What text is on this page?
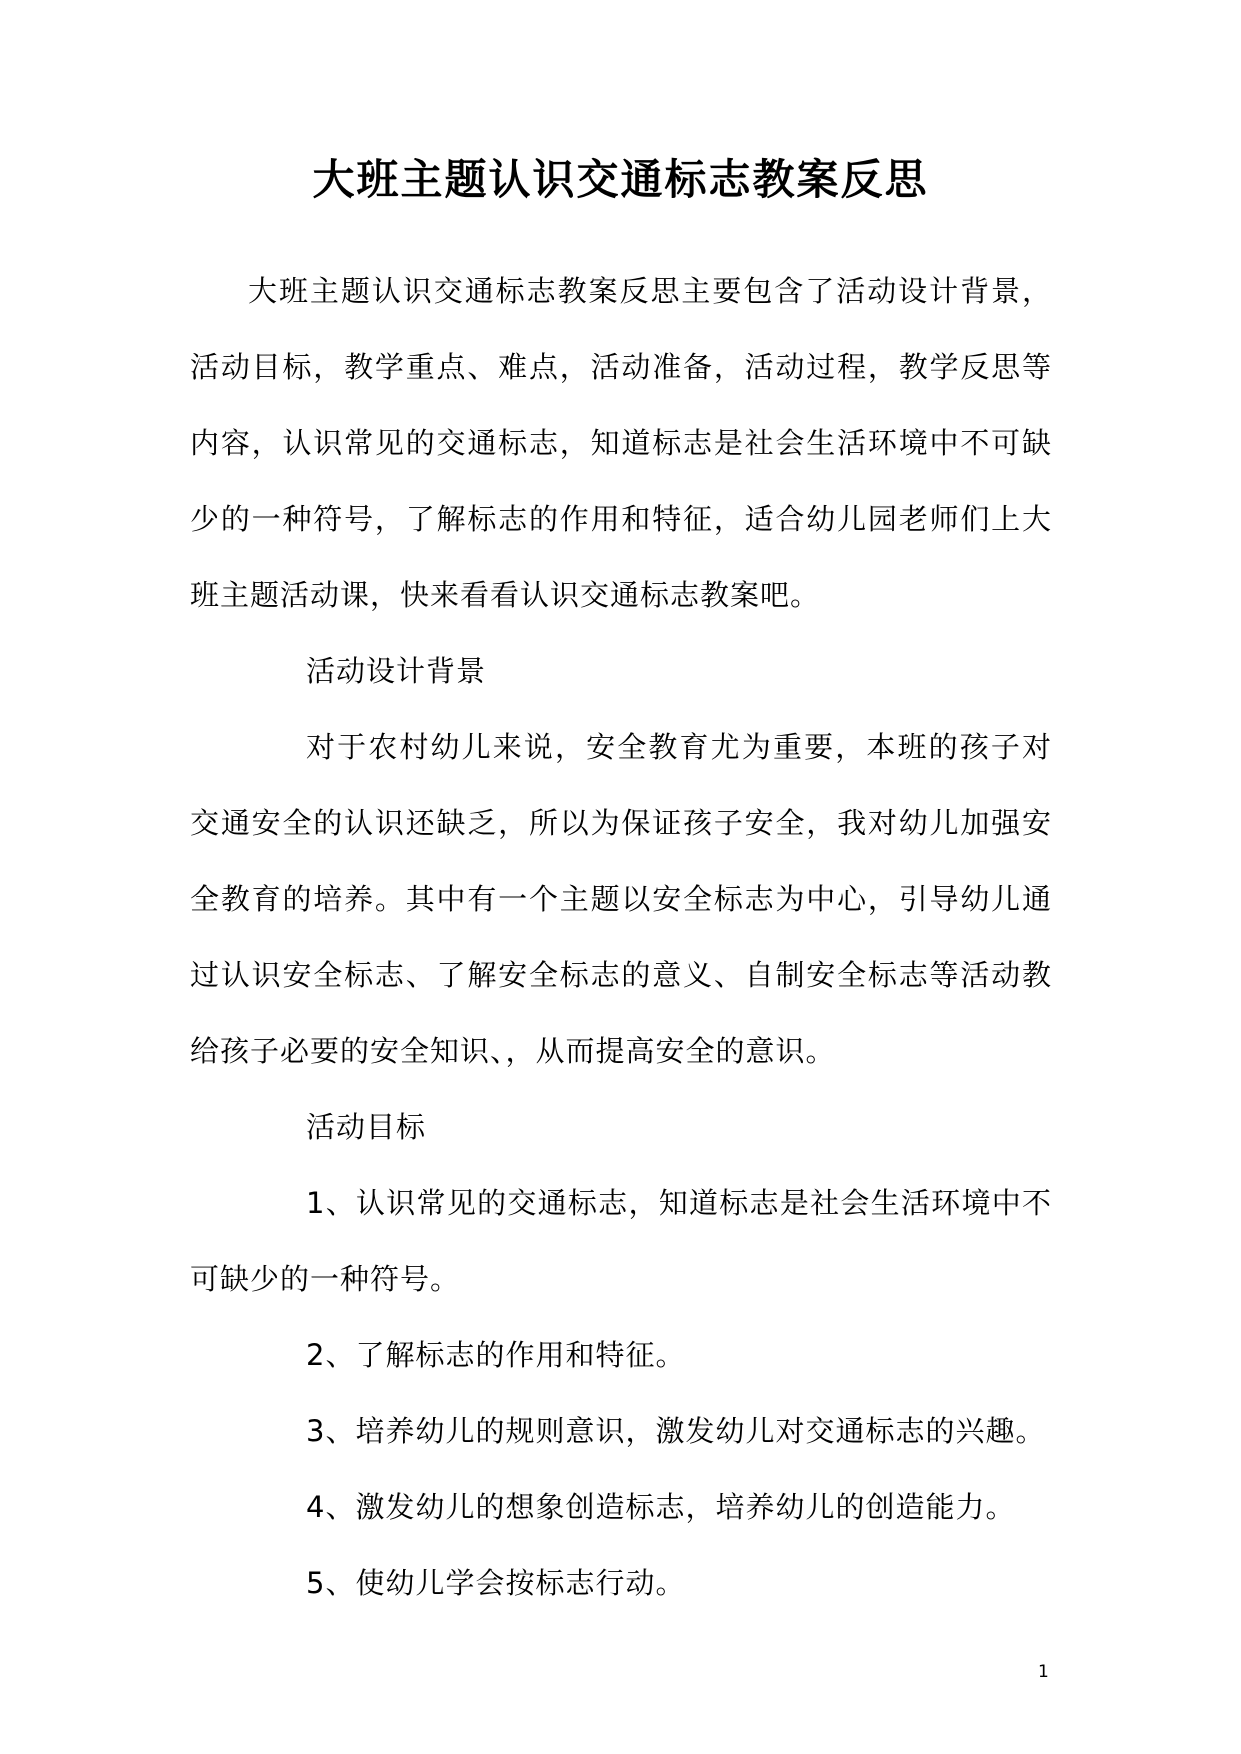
大班主题认识交通标志教案反思

大班主题认识交通标志教案反思主要包含了活动设计背景，活动目标，教学重点、难点，活动准备，活动过程，教学反思等内容，认识常见的交通标志，知道标志是社会生活环境中不可缺少的一种符号，了解标志的作用和特征，适合幼儿园老师们上大班主题活动课，快来看看认识交通标志教案吧。

活动设计背景

对于农村幼儿来说，安全教育尤为重要，本班的孩子对交通安全的认识还缺乏，所以为保证孩子安全，我对幼儿加强安全教育的培养。其中有一个主题以安全标志为中心，引导幼儿通过认识安全标志、了解安全标志的意义、自制安全标志等活动教给孩子必要的安全知识、，从而提高安全的意识。

活动目标

1、认识常见的交通标志，知道标志是社会生活环境中不可缺少的一种符号。

2、了解标志的作用和特征。

3、培养幼儿的规则意识，激发幼儿对交通标志的兴趣。

4、激发幼儿的想象创造标志，培养幼儿的创造能力。

5、使幼儿学会按标志行动。

1
